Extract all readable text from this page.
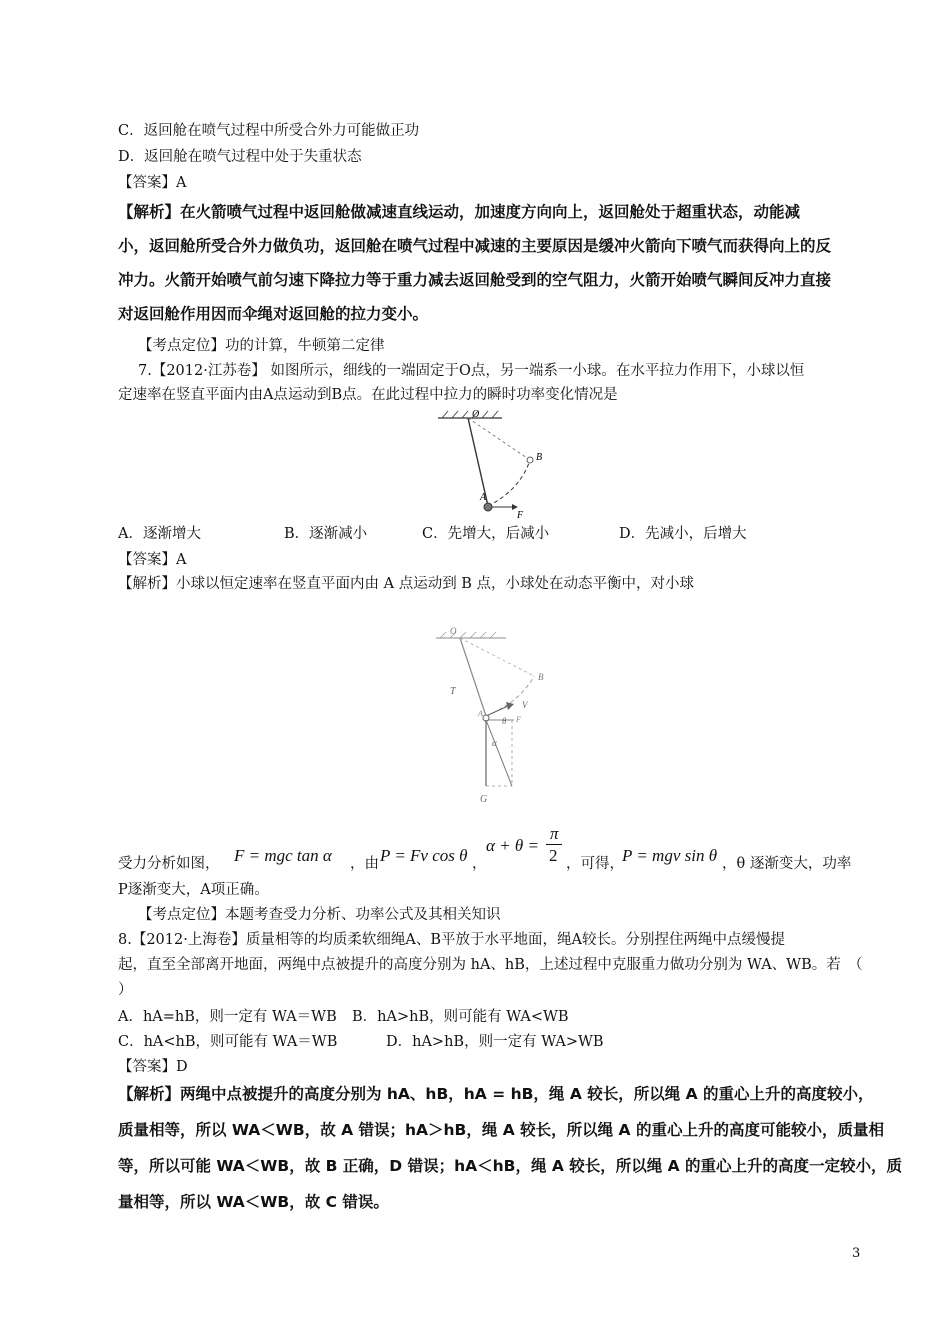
C．返回舱在喷气过程中所受合外力可能做正功
D．返回舱在喷气过程中处于失重状态
【答案】A
【解析】在火箭喷气过程中返回舱做减速直线运动，加速度方向向上，返回舱处于超重状态，动能减
小，返回舱所受合外力做负功，返回舱在喷气过程中减速的主要原因是缓冲火箭向下喷气而获得向上的反
冲力。火箭开始喷气前匀速下降拉力等于重力减去返回舱受到的空气阻力，火箭开始喷气瞬间反冲力直接
对返回舱作用因而伞绳对返回舱的拉力变小。
【考点定位】功的计算，牛顿第二定律
7.【2012·江苏卷】 如图所示，细线的一端固定于O点，另一端系一小球。在水平拉力作用下，小球以恒
定速率在竖直平面内由A点运动到B点。在此过程中拉力的瞬时功率变化情况是
O
B
A
F
A．逐渐增大	B．逐渐减小	C．先增大，后减小	D．先减小，后增大
【答案】A
【解析】小球以恒定速率在竖直平面内由 A 点运动到 B 点，小球处在动态平衡中，对小球
O
B
T
V
θ F
A
α
G
受力分析如图， F = mgc tan α ，由 P = Fv cos θ ，
α + θ =
π
2 ，可得，
P = mgv sin θ ，θ 逐渐变大，功率
P逐渐变大，A项正确。
【考点定位】本题考查受力分析、功率公式及其相关知识
8.【2012·上海卷】质量相等的均质柔软细绳A、B平放于水平地面，绳A较长。分别捏住两绳中点缓慢提
起，直至全部离开地面，两绳中点被提升的高度分别为 hA、hB，上述过程中克服重力做功分别为 WA、WB。若　（
）
A．hA=hB，则一定有 WA＝WB B．hA>hB，则可能有 WA<WB
C．hA<hB，则可能有 WA＝WB	D．hA>hB，则一定有 WA>WB
【答案】D
【解析】两绳中点被提升的高度分别为 hA、hB，hA = hB，绳 A 较长，所以绳 A 的重心上升的高度较小，
质量相等，所以 WA＜WB，故 A 错误；hA＞hB，绳 A 较长，所以绳 A 的重心上升的高度可能较小，质量相
等，所以可能 WA＜WB，故 B 正确，D 错误；hA＜hB，绳 A 较长，所以绳 A 的重心上升的高度一定较小，质
量相等，所以 WA＜WB，故 C 错误。
3
